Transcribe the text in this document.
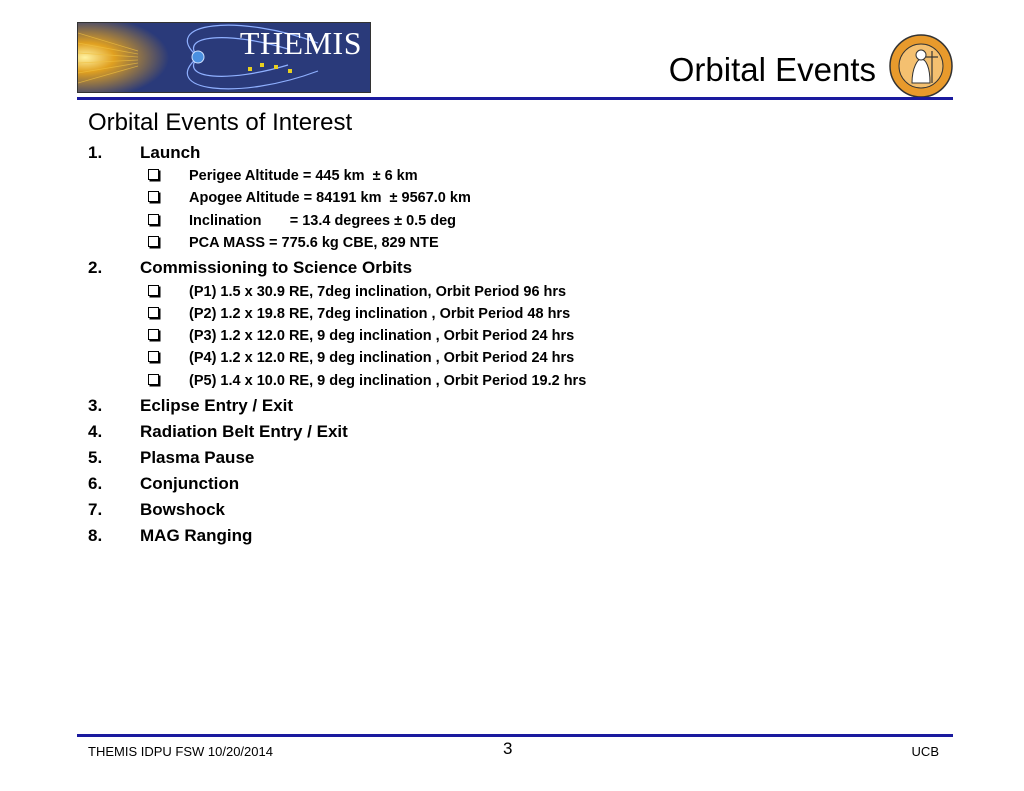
THEMIS
Orbital Events
Orbital Events of Interest
1. Launch
Perigee Altitude = 445 km  ± 6 km
Apogee Altitude = 84191 km  ± 9567.0 km
Inclination       = 13.4 degrees ± 0.5 deg
PCA MASS = 775.6 kg CBE, 829 NTE
2. Commissioning to Science Orbits
(P1) 1.5 x 30.9 RE, 7deg inclination, Orbit Period 96 hrs
(P2) 1.2 x 19.8 RE, 7deg inclination , Orbit Period 48 hrs
(P3) 1.2 x 12.0 RE, 9 deg inclination , Orbit Period 24 hrs
(P4) 1.2 x 12.0 RE, 9 deg inclination , Orbit Period 24 hrs
(P5) 1.4 x 10.0 RE, 9 deg inclination , Orbit Period 19.2 hrs
3. Eclipse Entry / Exit
4. Radiation Belt Entry / Exit
5. Plasma Pause
6. Conjunction
7. Bowshock
8. MAG Ranging
THEMIS IDPU FSW 10/20/2014	3	UCB
